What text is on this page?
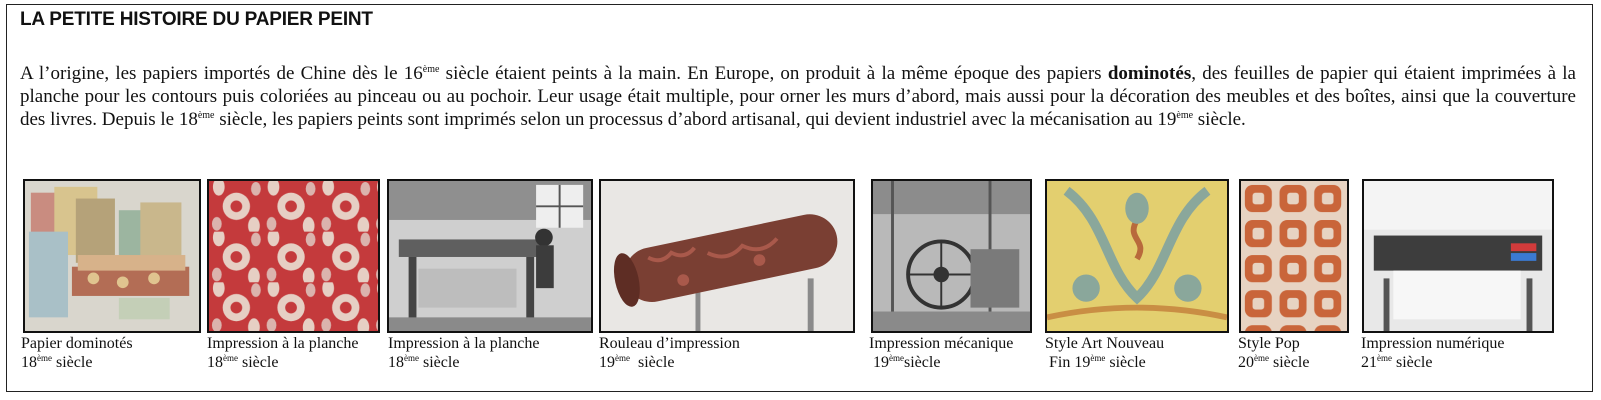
LA PETITE HISTOIRE DU PAPIER PEINT

A l’origine, les papiers importés de Chine dès le 16ème siècle étaient peints à la main. En Europe, on produit à la même époque des papiers dominotés, des feuilles de papier qui étaient imprimées à la planche pour les contours puis coloriées au pinceau ou au pochoir. Leur usage était multiple, pour orner les murs d’abord, mais aussi pour la décoration des meubles et des boîtes, ainsi que la couverture des livres. Depuis le 18ème siècle, les papiers peints sont imprimés selon un processus d’abord artisanal, qui devient industriel avec la mécanisation au 19ème siècle.

Papier dominotés
18ème siècle
Impression à la planche
18ème siècle
Impression à la planche
18ème siècle
Rouleau d’impression
19ème  siècle
Impression mécanique
19èmesiècle
Style Art Nouveau
Fin 19ème siècle
Style Pop
20ème siècle
Impression numérique
21ème siècle
